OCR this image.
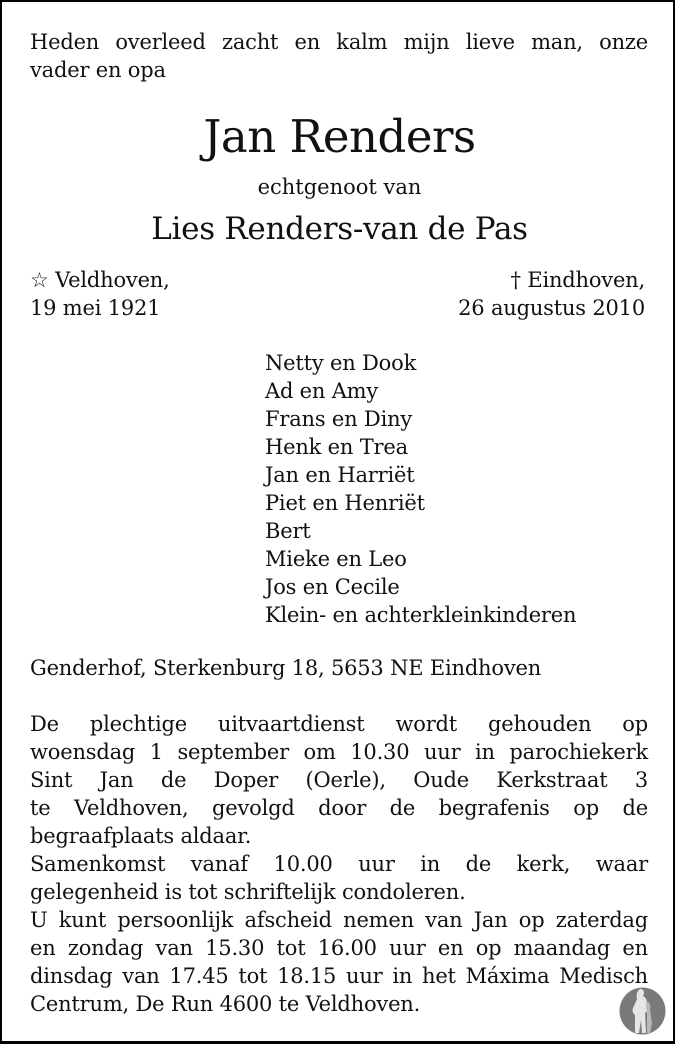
Heden overleed zacht en kalm mijn lieve man, onze
vader en opa
Jan Renders
echtgenoot van
Lies Renders-van de Pas
☆ Veldhoven,
19 mei 1921
† Eindhoven,
26 augustus 2010
Netty en Dook
Ad en Amy
Frans en Diny
Henk en Trea
Jan en Harriët
Piet en Henriët
Bert
Mieke en Leo
Jos en Cecile
Klein- en achterkleinkinderen
Genderhof, Sterkenburg 18, 5653 NE Eindhoven
De plechtige uitvaartdienst wordt gehouden op
woensdag 1 september om 10.30 uur in parochiekerk
Sint Jan de Doper (Oerle), Oude Kerkstraat 3
te Veldhoven, gevolgd door de begrafenis op de
begraafplaats aldaar.
Samenkomst vanaf 10.00 uur in de kerk, waar
gelegenheid is tot schriftelijk condoleren.
U kunt persoonlijk afscheid nemen van Jan op zaterdag
en zondag van 15.30 tot 16.00 uur en op maandag en
dinsdag van 17.45 tot 18.15 uur in het Máxima Medisch
Centrum, De Run 4600 te Veldhoven.
